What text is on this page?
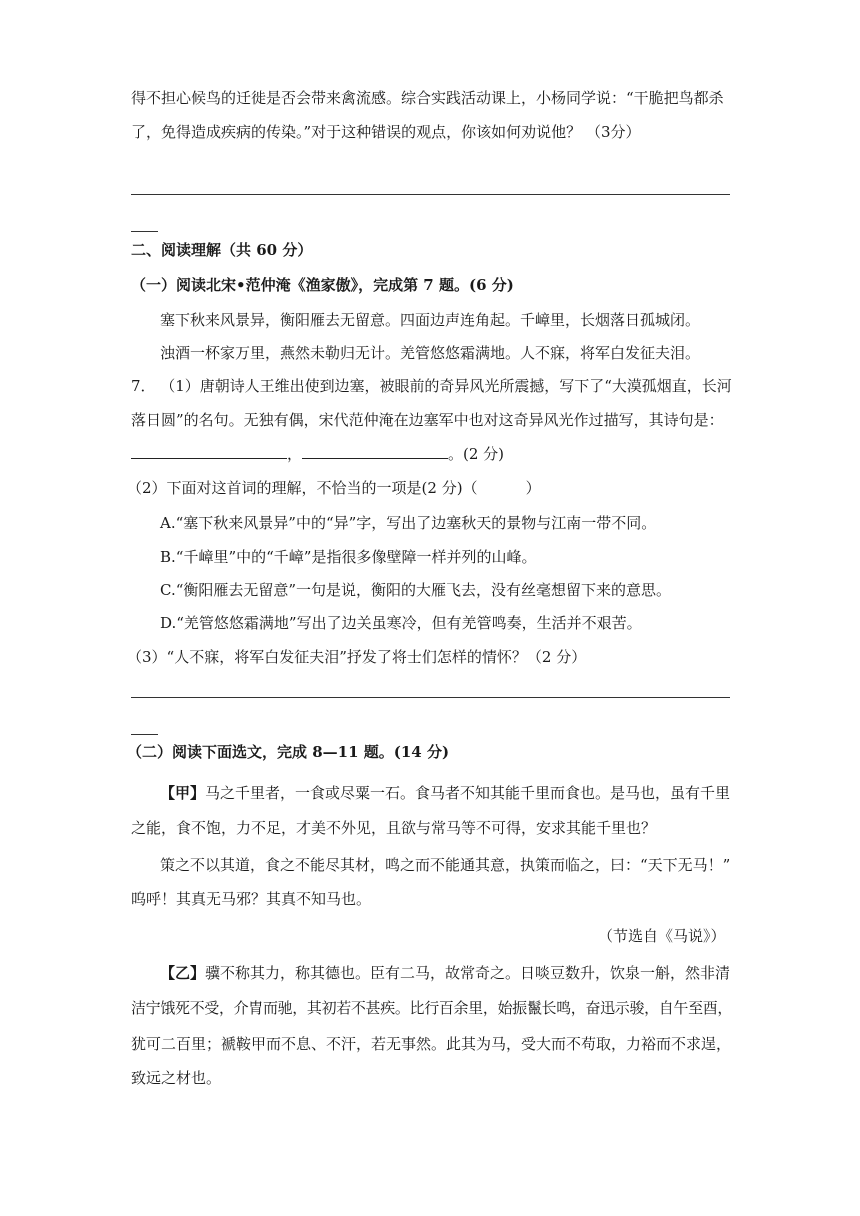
得不担心候鸟的迁徙是否会带来禽流感。综合实践活动课上，小杨同学说：“干脆把鸟都杀
了，免得造成疾病的传染。”对于这种错误的观点，你该如何劝说他？ （3分）
二、阅读理解（共 60 分）
（一）阅读北宋•范仲淹《渔家傲》，完成第 7 题。(6 分)
塞下秋来风景异，衡阳雁去无留意。四面边声连角起。千嶂里，长烟落日孤城闭。
浊酒一杯家万里，燕然未勒归无计。羌管悠悠霜满地。人不寐，将军白发征夫泪。
7． （1）唐朝诗人王维出使到边塞，被眼前的奇异风光所震撼，写下了“大漠孤烟直，长河
落日圆”的名句。无独有偶，宋代范仲淹在边塞军中也对这奇异风光作过描写，其诗句是：
，	。(2 分)
（2）下面对这首词的理解，不恰当的一项是(2 分)（	）
A.“塞下秋来风景异”中的“异”字，写出了边塞秋天的景物与江南一带不同。
B.“千嶂里”中的“千嶂”是指很多像壁障一样并列的山峰。
C.“衡阳雁去无留意”一句是说，衡阳的大雁飞去，没有丝毫想留下来的意思。
D.“羌管悠悠霜满地”写出了边关虽寒冷，但有羌管鸣奏，生活并不艰苦。
（3）“人不寐，将军白发征夫泪”抒发了将士们怎样的情怀？（2 分）
（二）阅读下面选文，完成 8—11 题。(14 分)
【甲】马之千里者，一食或尽粟一石。食马者不知其能千里而食也。是马也，虽有千里
之能，食不饱，力不足，才美不外见，且欲与常马等不可得，安求其能千里也？
策之不以其道，食之不能尽其材，鸣之而不能通其意，执策而临之，曰：“天下无马！”
呜呼！其真无马邪？其真不知马也。
（节选自《马说》）
【乙】骥不称其力，称其德也。臣有二马，故常奇之。日啖豆数升，饮泉一斛，然非清
洁宁饿死不受，介胄而驰，其初若不甚疾。比行百余里，始振鬣长鸣，奋迅示骏，自午至酉，
犹可二百里；褫鞍甲而不息、不汗，若无事然。此其为马，受大而不苟取，力裕而不求逞，
致远之材也。
